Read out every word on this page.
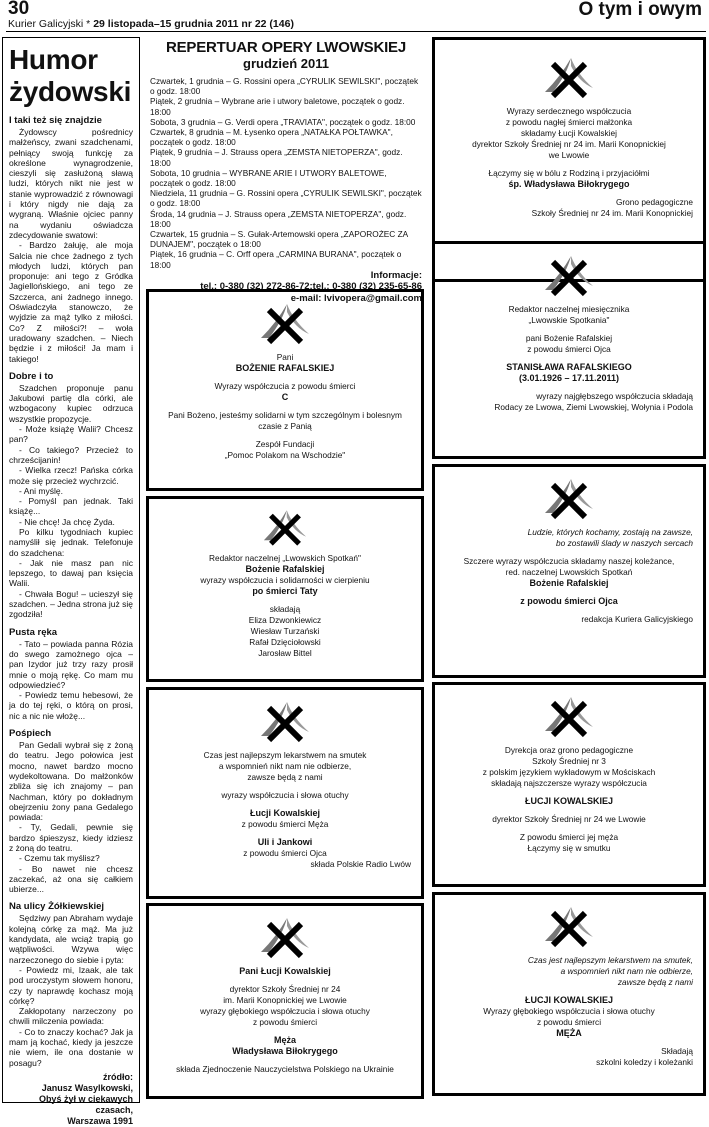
30
Kurier Galicyjski * 29 listopada–15 grudnia 2011 nr 22 (146)
O tym i owym
Humor
żydowski
I taki też się znajdzie

Żydowscy pośrednicy małżeńscy, zwani szadchenami, pełniący swoją funkcję za określone wynagrodzenie, cieszyli się zasłużoną sławą ludzi, których nikt nie jest w stanie wyprowadzić z równowagi i który nigdy nie dają za wygraną. Właśnie ojciec panny na wydaniu oświadcza zdecydowanie swatowi:

- Bardzo żałuję, ale moja Salcia nie chce żadnego z tych młodych ludzi, których pan proponuje: ani tego z Gródka Jagiellońskiego, ani tego ze Szczerca, ani żadnego innego. Oświadczyła stanowczo, że wyjdzie za mąż tylko z miłości. Co? Z miłości?! – woła uradowany szadchen. – Niech będzie i z miłości! Ja mam i takiego!

Dobre i to

Szadchen proponuje panu Jakubowi partię dla córki, ale wzbogacony kupiec odrzuca wszystkie propozycje.

- Może książę Walii? Chcesz pan?

- Co takiego? Przecież to chrześcijanin!

- Wielka rzecz! Pańska córka może się przecież wychrzcić.

- Ani myślę.

- Pomyśl pan jednak. Taki książę...

- Nie chcę! Ja chcę Żyda.

Po kilku tygodniach kupiec namyślił się jednak. Telefonuje do szadchena:

- Jak nie masz pan nic lepszego, to dawaj pan księcia Walii.

- Chwała Bogu! – ucieszył się szadchen. – Jedna strona już się zgodziła!

Pusta ręka

- Tato – powiada panna Rózia do swego zamożnego ojca – pan Izydor już trzy razy prosił mnie o moją rękę. Co mam mu odpowiedzieć?

- Powiedz temu hebesowi, że ja do tej ręki, o którą on prosi, nic a nic nie włożę...

Pośpiech

Pan Gedali wybrał się z żoną do teatru. Jego połowica jest mocno, nawet bardzo mocno wydekoltowana. Do małżonków zbliża się ich znajomy – pan Nachman, który po dokładnym obejrzeniu żony pana Gedalego powiada:

- Ty, Gedali, pewnie się bardzo śpieszysz, kiedy idziesz z żoną do teatru.

- Czemu tak myślisz?

- Bo nawet nie chcesz zaczekać, aż ona się całkiem ubierze...

Na ulicy Żółkiewskiej

Sędziwy pan Abraham wydaje kolejną córkę za mąż. Ma już kandydata, ale wciąż trapią go wątpliwości. Wzywa więc narzeczonego do siebie i pyta:

- Powiedz mi, Izaak, ale tak pod uroczystym słowem honoru, czy ty naprawdę kochasz moją córkę?

Zakłopotany narzeczony po chwili milczenia powiada:

- Co to znaczy kochać? Jak ja mam ją kochać, kiedy ja jeszcze nie wiem, ile ona dostanie w posagu?

źródło:
Janusz Wasylkowski,
Obyś żył w ciekawych
czasach,
Warszawa 1991
REPERTUAR OPERY LWOWSKIEJ
grudzień 2011
Czwartek, 1 grudnia – G. Rossini opera „CYRULIK SEWILSKI", początek o godz. 18:00
Piątek, 2 grudnia – Wybrane arie i utwory baletowe, początek o godz. 18:00
Sobota, 3 grudnia – G. Verdi opera „TRAVIATA", początek o godz. 18:00
Czwartek, 8 grudnia – M. Łysenko opera „NATAŁKA POŁTAWKA", początek o godz. 18:00
Piątek, 9 grudnia – J. Strauss opera „ZEMSTA NIETOPERZA", godz. 18:00
Sobota, 10 grudnia – WYBRANE ARIE I UTWORY BALETOWE, początek o godz. 18:00
Niedziela, 11 grudnia – G. Rossini opera „CYRULIK SEWILSKI", początek o godz. 18:00
Środa, 14 grudnia – J. Strauss opera „ZEMSTA NIETOPERZA", godz. 18:00
Czwartek, 15 grudnia – S. Gułak-Artemowski opera „ZAPOROŻEC ZA DUNAJEM", początek o 18:00
Piątek, 16 grudnia – C. Orff opera „CARMINA BURANA", początek o 18:00
Informacje:
tel.: 0-380 (32) 272-86-72;tel.: 0-380 (32) 235-65-86
e-mail: lvivopera@gmail.com
Wyrazy serdecznego współczucia
z powodu nagłej śmierci małżonka
składamy Łucji Kowalskiej
dyrektor Szkoły Średniej nr 24 im. Marii Konopnickiej
we Lwowie
Łączymy się w bólu z Rodziną i przyjaciółmi
śp. Władysława Biłokrygego
Grono pedagogiczne
Szkoły Średniej nr 24 im. Marii Konopnickiej
Redaktor naczelnej miesięcznika
„Lwowskie Spotkania"
pani Bożenie Rafalskiej
z powodu śmierci Ojca
STANISŁAWA RAFALSKIEGO
(3.01.1926 – 17.11.2011)
wyrazy najgłębszego współczucia składają
Rodacy ze Lwowa, Ziemi Lwowskiej, Wołynia i Podola
Pani
BOŻENIE RAFALSKIEJ
Wyrazy współczucia z powodu śmierci
C
Pani Bożeno, jesteśmy solidarni w tym szczególnym i bolesnym czasie z Panią
Zespół Fundacji
„Pomoc Polakom na Wschodzie"
Ludzie, których kochamy, zostają na zawsze,
bo zostawili ślady w naszych sercach
Szczere wyrazy współczucia składamy naszej koleżance,
red. naczelnej Lwowskich Spotkań
Bożenie Rafalskiej
z powodu śmierci Ojca
redakcja Kuriera Galicyjskiego
Redaktor naczelnej „Lwowskich Spotkań"
Bożenie Rafalskiej
wyrazy współczucia i solidarności w cierpieniu
po śmierci Taty
składają
Eliza Dzwonkiewicz
Wiesław Turzański
Rafał Dzięciołowski
Jarosław Bittel
Dyrekcja oraz grono pedagogiczne
Szkoły Średniej nr 3
z polskim językiem wykładowym w Mościskach
składają najszczersze wyrazy współczucia
ŁUCJI KOWALSKIEJ
dyrektor Szkoły Średniej nr 24 we Lwowie
Z powodu śmierci jej męża
Łączymy się w smutku
Czas jest najlepszym lekarstwem na smutek
a wspomnień nikt nam nie odbierze,
zawsze będą z nami
wyrazy współczucia i słowa otuchy
Łucji Kowalskiej
z powodu śmierci Męża
Uli i Jankowi
z powodu śmierci Ojca
składa Polskie Radio Lwów
Czas jest najlepszym lekarstwem na smutek,
a wspomnień nikt nam nie odbierze,
zawsze będą z nami
ŁUCJI KOWALSKIEJ
Wyrazy głębokiego współczucia i słowa otuchy
z powodu śmierci
MĘŻA
Składają
szkolni koledzy i koleżanki
Pani Łucji Kowalskiej
dyrektor Szkoły Średniej nr 24
im. Marii Konopnickiej we Lwowie
wyrazy głębokiego współczucia i słowa otuchy
z powodu śmierci
Męża
Władysława Biłokrygego
składa Zjednoczenie Nauczycielstwa Polskiego na Ukrainie
